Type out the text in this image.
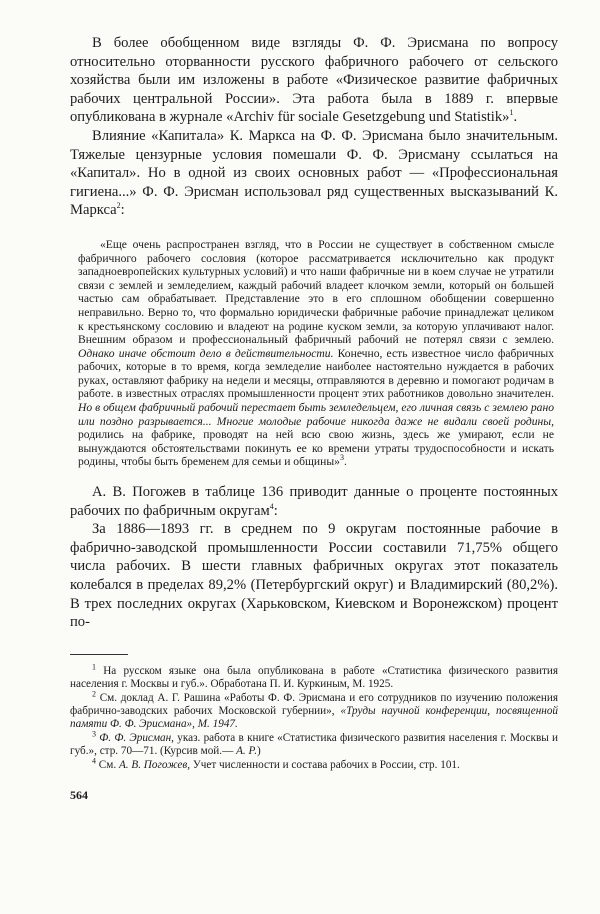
В более обобщенном виде взгляды Ф. Ф. Эрисмана по вопросу относительно оторванности русского фабричного рабочего от сельского хозяйства были им изложены в работе «Физическое развитие фабричных рабочих центральной России». Эта работа была в 1889 г. впервые опубликована в журнале «Archiv für sociale Gesetzgebung und Statistik»$^1$.

Влияние «Капитала» К. Маркса на Ф. Ф. Эрисмана было значительным. Тяжелые цензурные условия помешали Ф. Ф. Эрисману ссылаться на «Капитал». Но в одной из своих основных работ — «Профессиональная гигиена...» Ф. Ф. Эрисман использовал ряд существенных высказываний К. Маркса$^2$:

«Еще очень распространен взгляд, что в России не существует в собственном смысле фабричного рабочего сословия (которое рассматривается исключительно как продукт западноевропейских культурных условий) и что наши фабричные ни в коем случае не утратили связи с землей и земледелием, каждый рабочий владеет клочком земли, который он большей частью сам обрабатывает. Представление это в его сплошном обобщении совершенно неправильно. Верно то, что формально юридически фабричные рабочие принадлежат целиком к крестьянскому сословию и владеют на родине куском земли, за которую уплачивают налог. Внешним образом и профессиональный фабричный рабочий не потерял связи с землею. Однако иначе обстоит дело в действительности. Конечно, есть известное число фабричных рабочих, которые в то время, когда земледелие наиболее настоятельно нуждается в рабочих руках, оставляют фабрику на недели и месяцы, отправляются в деревню и помогают родичам в работе. в известных отраслях промышленности процент этих работников довольно значителен. Но в общем фабричный рабочий перестает быть земледельцем, его личная связь с землею рано или поздно разрывается... Многие молодые рабочие никогда даже не видали своей родины, родились на фабрике, проводят на ней всю свою жизнь, здесь же умирают, если не вынуждаются обстоятельствами покинуть ее ко времени утраты трудоспособности и искать родины, чтобы быть бременем для семьи и общины»$^3$.

А. В. Погожев в таблице 136 приводит данные о проценте постоянных рабочих по фабричным округам$^4$:

За 1886—1893 гг. в среднем по 9 округам постоянные рабочие в фабрично-заводской промышленности России составили 71,75% общего числа рабочих. В шести главных фабричных округах этот показатель колебался в пределах 89,2% (Петербургский округ) и Владимирский (80,2%). В трех последних округах (Харьковском, Киевском и Воронежском) процент по-

$^1$ На русском языке она была опубликована в работе «Статистика физического развития населения г. Москвы и губ.». Обработана П. И. Куркиным, М. 1925.

$^2$ См. доклад А. Г. Рашина «Работы Ф. Ф. Эрисмана и его сотрудников по изучению положения фабрично-заводских рабочих Московской губернии», «Труды научной конференции, посвященной памяти Ф. Ф. Эрисмана», М. 1947.

$^3$ Ф. Ф. Эрисман, указ. работа в книге «Статистика физического развития населения г. Москвы и губ.», стр. 70—71. (Курсив мой.— А. Р.)

$^4$ См. А. В. Погожев, Учет численности и состава рабочих в России, стр. 101.

564
